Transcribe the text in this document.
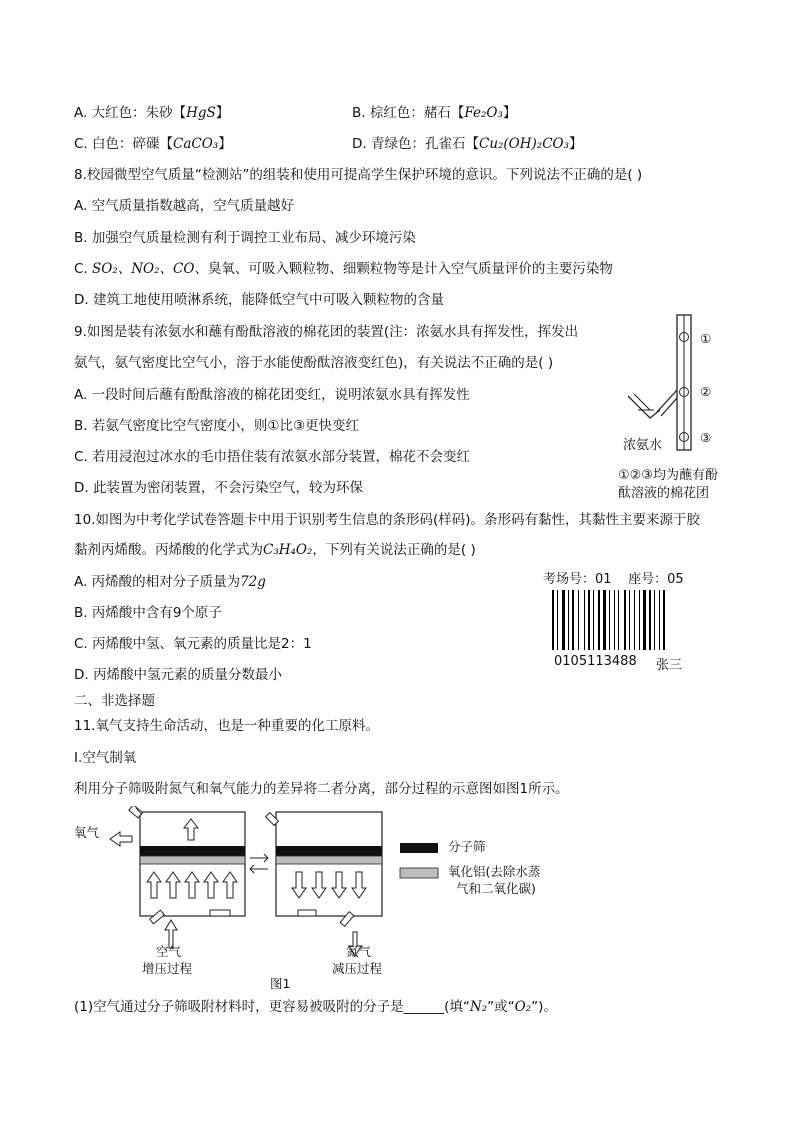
A. 大红色：朱砂【HgS】	B. 棕红色：赭石【Fe₂O₃】
C. 白色：碎磲【CaCO₃】	D. 青绿色：孔雀石【Cu₂(OH)₂CO₃】
8.校园微型空气质量“检测站”的组装和使用可提高学生保护环境的意识。下列说法不正确的是( )
A. 空气质量指数越高，空气质量越好
B. 加强空气质量检测有利于调控工业布局、减少环境污染
C. SO₂、NO₂、CO、臭氧、可吸入颗粒物、细颗粒物等是计入空气质量评价的主要污染物
D. 建筑工地使用喷淋系统，能降低空气中可吸入颗粒物的含量
9.如图是装有浓氨水和蘸有酚酞溶液的棉花团的装置(注：浓氨水具有挥发性，挥发出
氨气，氨气密度比空气小，溶于水能使酚酞溶液变红色)，有关说法不正确的是( )
A. 一段时间后蘸有酚酞溶液的棉花团变红，说明浓氨水具有挥发性
B. 若氨气密度比空气密度小，则①比③更快变红
C. 若用浸泡过冰水的毛巾捂住装有浓氨水部分装置，棉花不会变红
D. 此装置为密闭装置，不会污染空气，较为环保
①
②
③
浓氨水
①②③均为蘸有酚
酞溶液的棉花团
10.如图为中考化学试卷答题卡中用于识别考生信息的条形码(样码)。条形码有黏性，其黏性主要来源于胶
黏剂丙烯酸。丙烯酸的化学式为C₃H₄O₂，下列有关说法正确的是( )
A. 丙烯酸的相对分子质量为72g
B. 丙烯酸中含有9个原子
C. 丙烯酸中氢、氧元素的质量比是2：1
D. 丙烯酸中氢元素的质量分数最小
考场号：01    座号：05
0105113488 张三
二、非选择题
11.氧气支持生命活动，也是一种重要的化工原料。
Ⅰ.空气制氧
利用分子筛吸附氮气和氧气能力的差异将二者分离，部分过程的示意图如图1所示。
氧气
空气
增压过程
氮气
减压过程
图1
分子筛
氧化铝(去除水蒸
气和二氧化碳)
(1)空气通过分子筛吸附材料时，更容易被吸附的分子是______(填“N₂”或“O₂”)。
